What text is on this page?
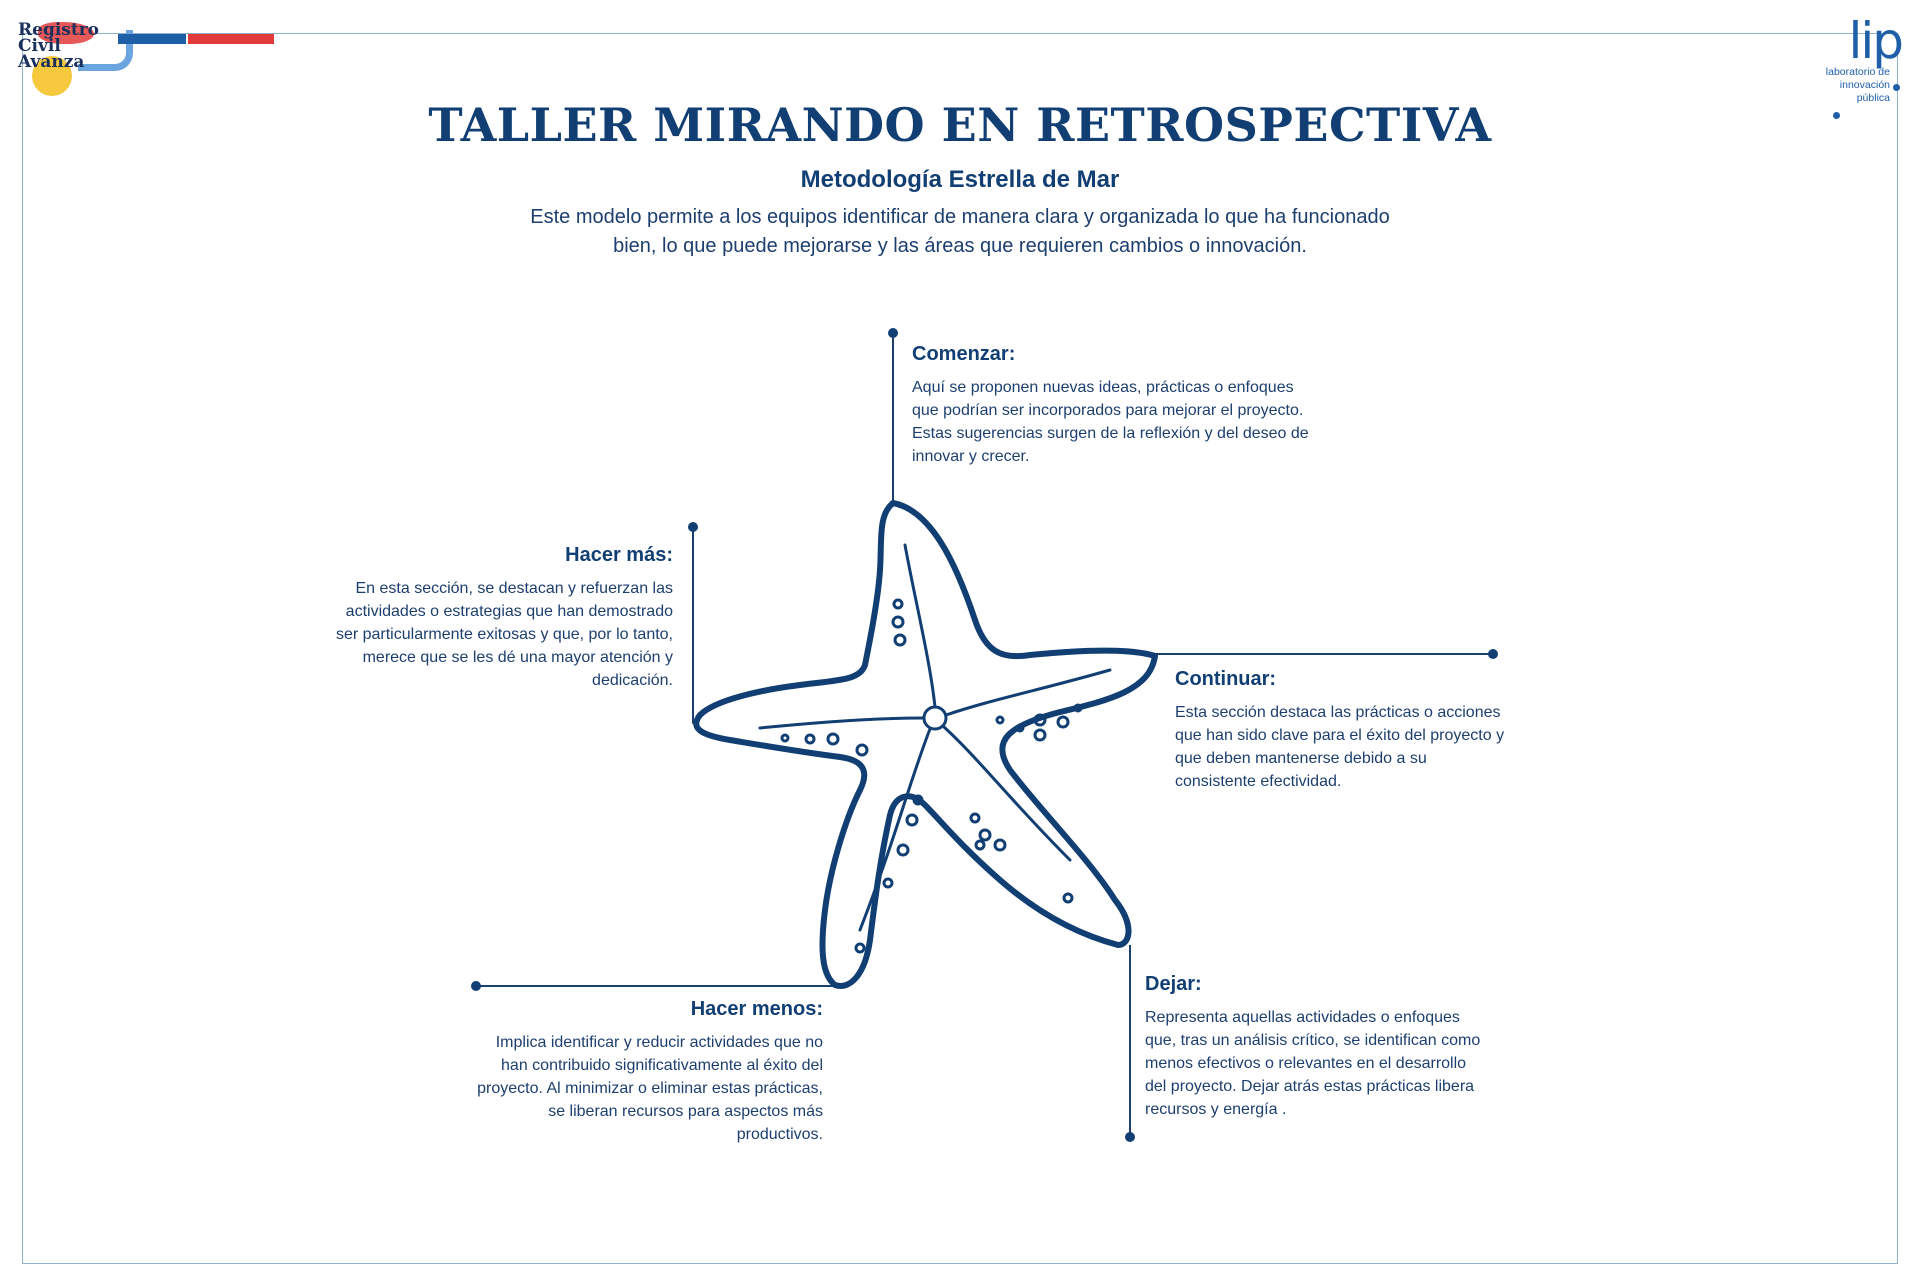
Registro
Civil
Avanza	lip
laboratorio de
innovación
pública
TALLER MIRANDO EN RETROSPECTIVA
Metodología Estrella de Mar
Este modelo permite a los equipos identificar de manera clara y organizada lo que ha funcionado bien, lo que puede mejorarse y las áreas que requieren cambios o innovación.
Comenzar:

Aquí se proponen nuevas ideas, prácticas o enfoques que podrían ser incorporados para mejorar el proyecto. Estas sugerencias surgen de la reflexión y del deseo de innovar y crecer.

Hacer más:

En esta sección, se destacan y refuerzan las actividades o estrategias que han demostrado ser particularmente exitosas y que, por lo tanto, merece que se les dé una mayor atención y dedicación.	Continuar:

Esta sección destaca las prácticas o acciones que han sido clave para el éxito del proyecto y que deben mantenerse debido a su consistente efectividad.

Hacer menos:

Implica identificar y reducir actividades que no han contribuido significativamente al éxito del proyecto. Al minimizar o eliminar estas prácticas, se liberan recursos para aspectos más productivos.

Dejar:

Representa aquellas actividades o enfoques que, tras un análisis crítico, se identifican como menos efectivos o relevantes en el desarrollo del proyecto. Dejar atrás estas prácticas libera recursos y energía .
